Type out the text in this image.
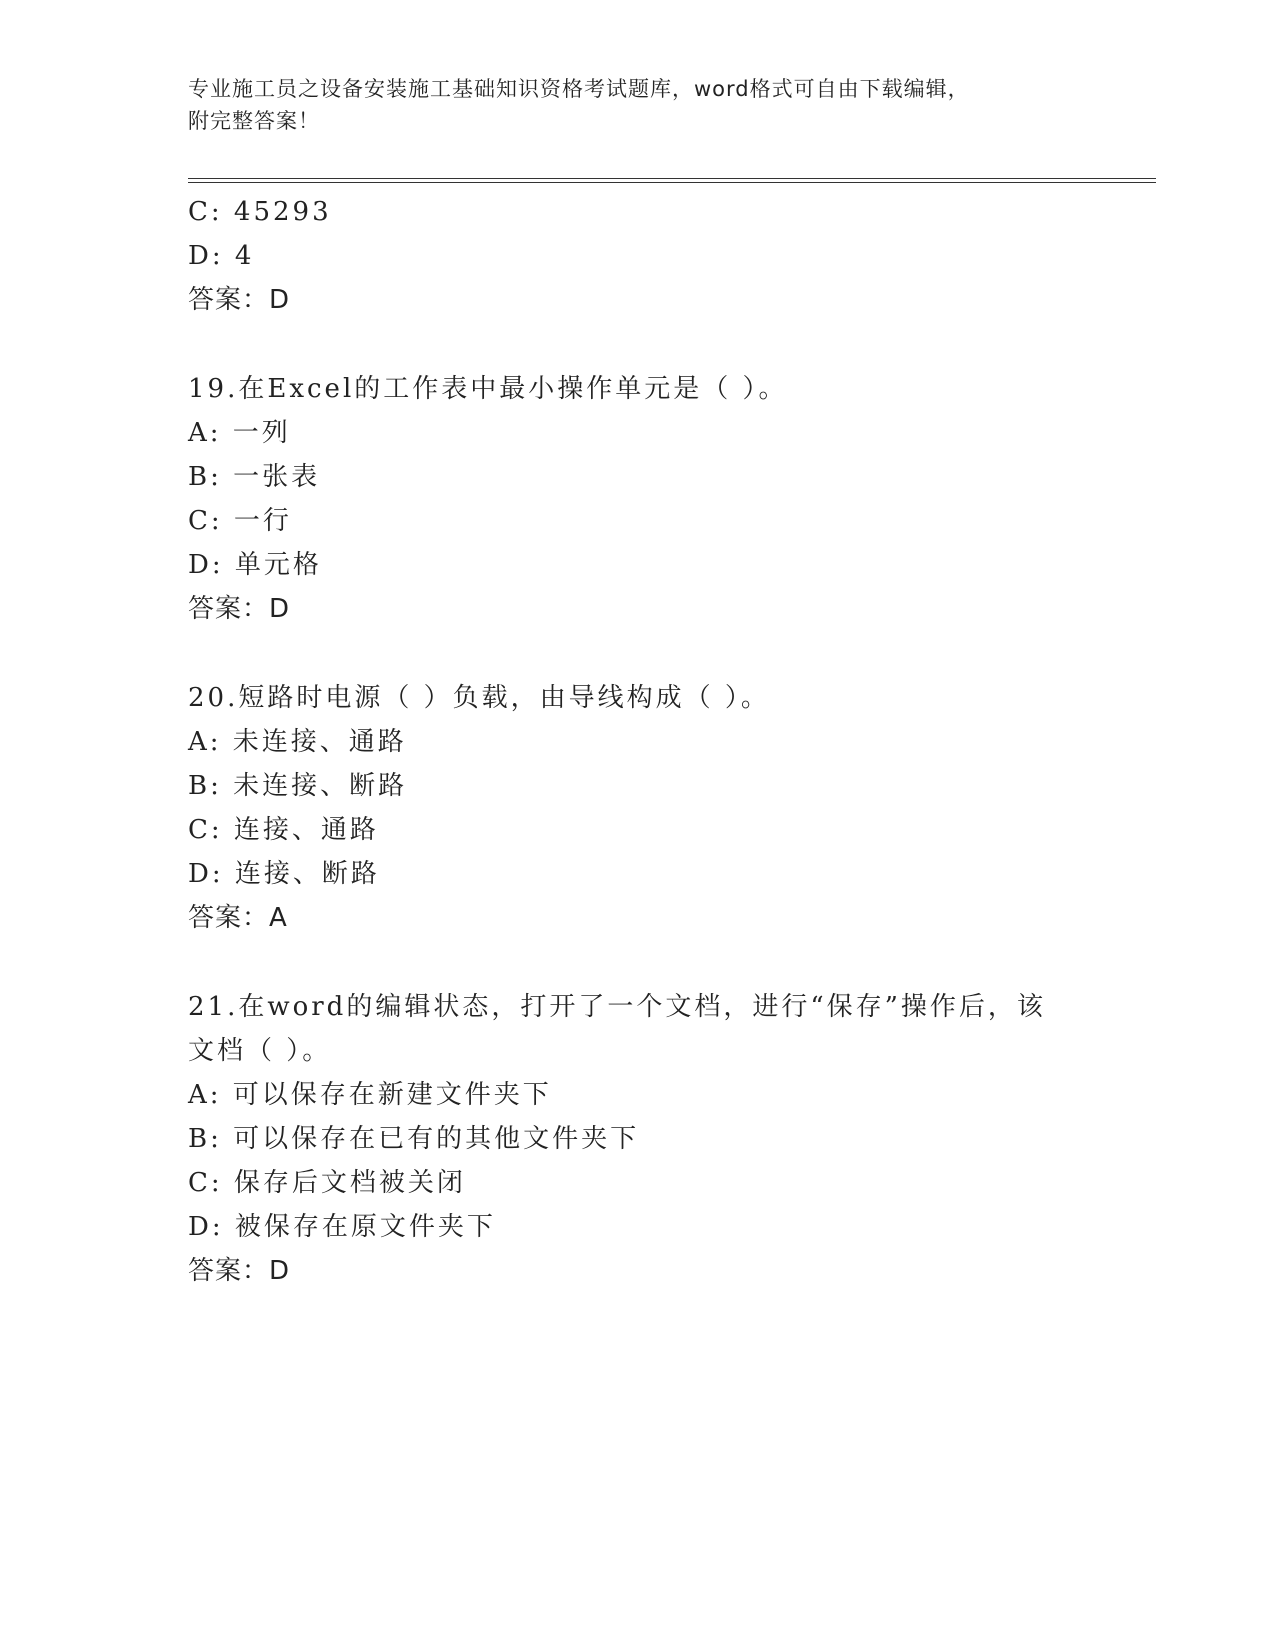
专业施工员之设备安装施工基础知识资格考试题库，word格式可自由下载编辑，
附完整答案！
C: 45293
D: 4
答案：D
19.在Excel的工作表中最小操作单元是（ ）。
A: 一列
B: 一张表
C: 一行
D: 单元格
答案：D
20.短路时电源（ ）负载，由导线构成（ ）。
A: 未连接、通路
B: 未连接、断路
C: 连接、通路
D: 连接、断路
答案：A
21.在word的编辑状态，打开了一个文档，进行“保存”操作后，该
文档（ ）。
A: 可以保存在新建文件夹下
B: 可以保存在已有的其他文件夹下
C: 保存后文档被关闭
D: 被保存在原文件夹下
答案：D
